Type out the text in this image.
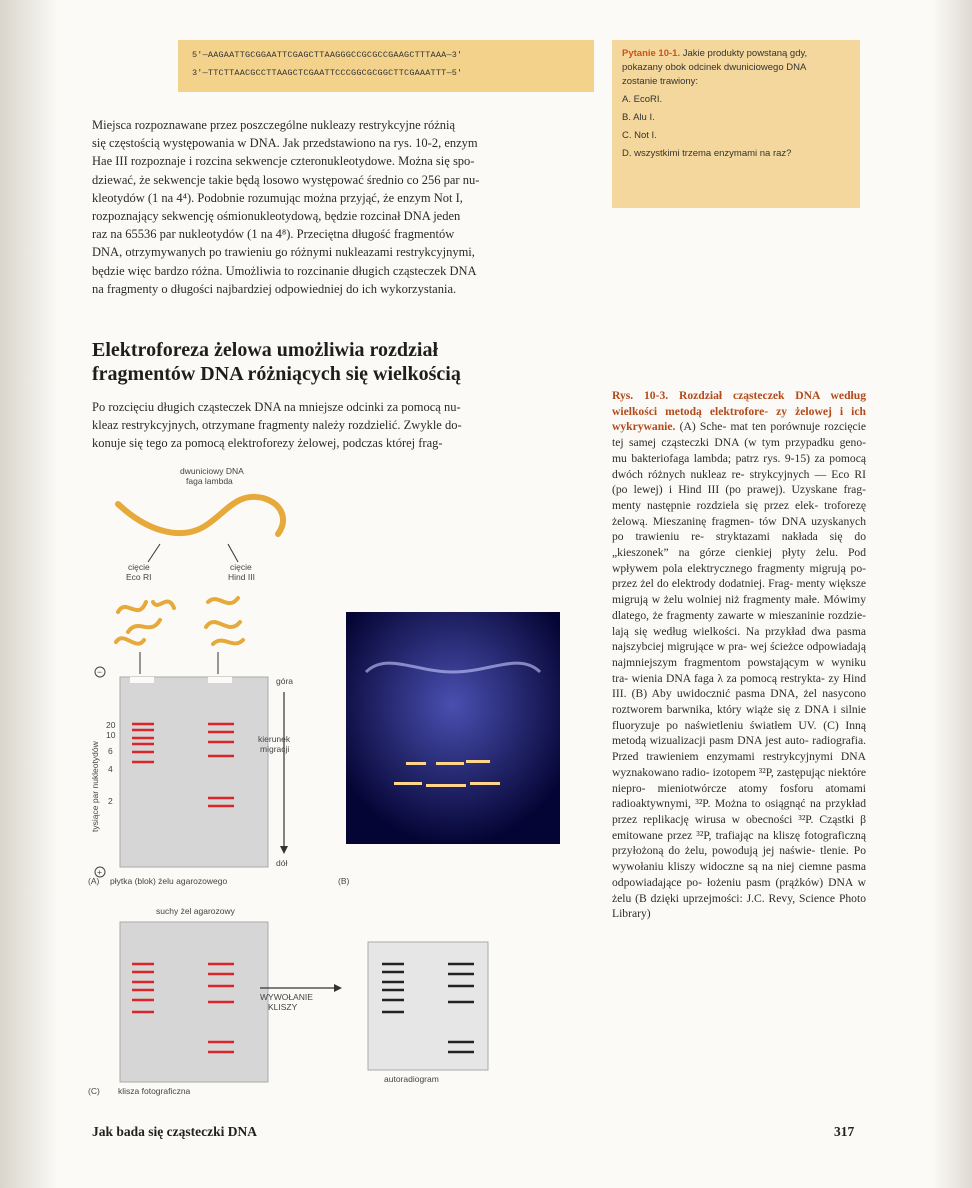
5'—AAGAATTGCGGAATTCGAGCTTAAGGGCCGCGCCGAAGCTTTAAA—3'
3'—TTCTTAACGCCTTAAGCTCGAATTCCCGGCGCGGCTTCGAAATTT—5'
Pytanie 10-1. Jakie produkty powstaną gdy,
pokazany obok odcinek dwuniciowego DNA
zostanie trawiony:
A. EcoRI.
B. Alu I.
C. Not I.
D. wszystkimi trzema enzymami na raz?
Miejsca rozpoznawane przez poszczególne nukleazy restrykcyjne różnią
się częstością występowania w DNA. Jak przedstawiono na rys. 10-2, enzym
Hae III rozpoznaje i rozcina sekwencje czteronukleotydowe. Można się spo-
dziewać, że sekwencje takie będą losowo występować średnio co 256 par nu-
kleotydów (1 na 4⁴). Podobnie rozumując można przyjąć, że enzym Not I,
rozpoznający sekwencję ośmionukleotydową, będzie rozcinał DNA jeden
raz na 65536 par nukleotydów (1 na 4⁸). Przeciętna długość fragmentów
DNA, otrzymywanych po trawieniu go różnymi nukleazami restrykcyjnymi,
będzie więc bardzo różna. Umożliwia to rozcinanie długich cząsteczek DNA
na fragmenty o długości najbardziej odpowiedniej do ich wykorzystania.
Elektroforeza żelowa umożliwia rozdział
fragmentów DNA różniących się wielkością
Po rozcięciu długich cząsteczek DNA na mniejsze odcinki za pomocą nu-
kleaz restrykcyjnych, otrzymane fragmenty należy rozdzielić. Zwykle do-
konuje się tego za pomocą elektroforezy żelowej, podczas której frag-
dwuniciowy DNA
faga lambda
cięcie
Eco RI
cięcie
Hind III
−
+
tysiące par nukleotydów
20
10
6
4
2
góra
kierunek
migracji
dół
(A) płytka (blok) żelu agarozowego	(B)
suchy żel agarozowy
WYWOŁANIE
KLISZY
(C) klisza fotograficzna
autoradiogram
Rys. 10-3. Rozdział cząsteczek DNA według wielkości metodą elektrofore- zy żelowej i ich wykrywanie. (A) Sche- mat ten porównuje rozcięcie tej samej cząsteczki DNA (w tym przypadku geno- mu bakteriofaga lambda; patrz rys. 9-15) za pomocą dwóch różnych nukleaz re- strykcyjnych — Eco RI (po lewej) i Hind III (po prawej). Uzyskane frag- menty następnie rozdziela się przez elek- troforezę żelową. Mieszaninę fragmen- tów DNA uzyskanych po trawieniu re- stryktazami nakłada się do „kieszonek” na górze cienkiej płyty żelu. Pod wpływem pola elektrycznego fragmenty migrują po- przez żel do elektrody dodatniej. Frag- menty większe migrują w żelu wolniej niż fragmenty małe. Mówimy dlatego, że fragmenty zawarte w mieszaninie rozdzie- lają się według wielkości. Na przykład dwa pasma najszybciej migrujące w pra- wej ścieżce odpowiadają najmniejszym fragmentom powstającym w wyniku tra- wienia DNA faga λ za pomocą restrykta- zy Hind III. (B) Aby uwidocznić pasma DNA, żel nasycono roztworem barwnika, który wiąże się z DNA i silnie fluoryzuje po naświetleniu światłem UV. (C) Inną metodą wizualizacji pasm DNA jest auto- radiografia. Przed trawieniem enzymami restrykcyjnymi DNA wyznakowano radio- izotopem ³²P, zastępując niektóre niepro- mieniotwórcze atomy fosforu atomami radioaktywnymi, ³²P. Można to osiągnąć na przykład przez replikację wirusa w obecności ³²P. Cząstki β emitowane przez ³²P, trafiając na kliszę fotograficzną przyłożoną do żelu, powodują jej naświe- tlenie. Po wywołaniu kliszy widoczne są na niej ciemne pasma odpowiadające po- łożeniu pasm (prążków) DNA w żelu (B dzięki uprzejmości: J.C. Revy, Science Photo Library)
Jak bada się cząsteczki DNA	317
